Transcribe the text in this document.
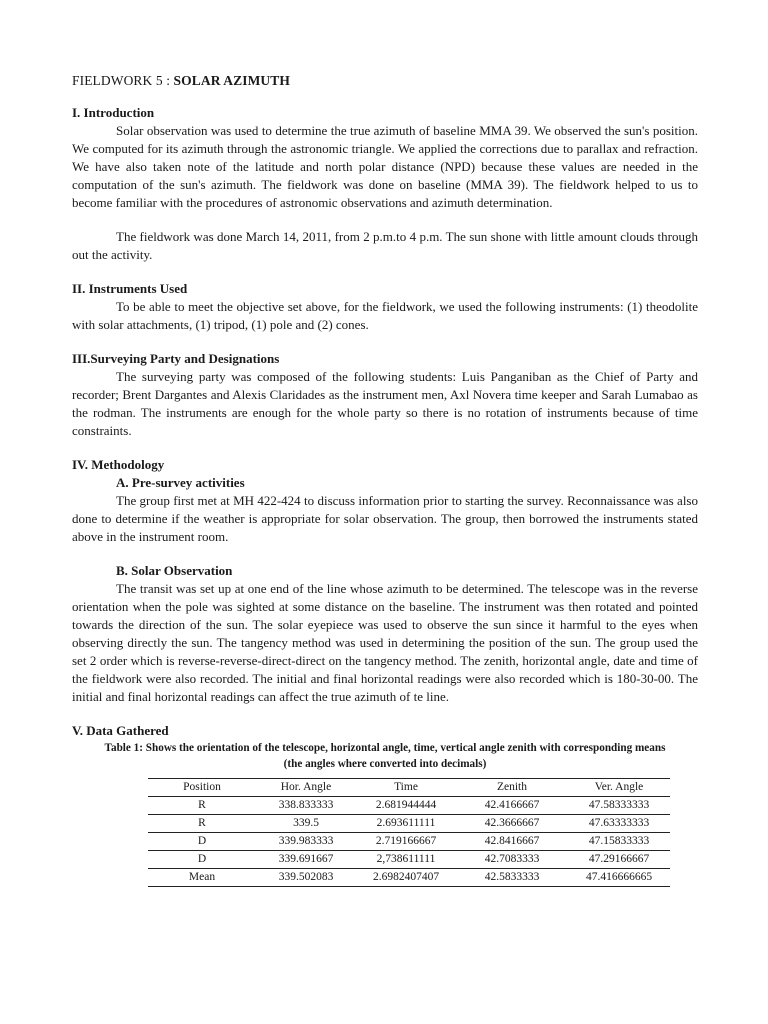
FIELDWORK 5 : SOLAR AZIMUTH
I. Introduction

Solar observation was used to determine the true azimuth of baseline MMA 39. We observed the sun's position. We computed for its azimuth through the astronomic triangle. We applied the corrections due to parallax and refraction. We have also taken note of the latitude and north polar distance (NPD) because these values are needed in the computation of the sun's azimuth. The fieldwork was done on baseline (MMA 39). The fieldwork helped to us to become familiar with the procedures of astronomic observations and azimuth determination.

The fieldwork was done March 14, 2011, from 2 p.m.to 4 p.m. The sun shone with little amount clouds through out the activity.

II. Instruments Used

To be able to meet the objective set above, for the fieldwork, we used the following instruments: (1) theodolite with solar attachments, (1) tripod, (1) pole and (2) cones.

III.Surveying Party and Designations

The surveying party was composed of the following students: Luis Panganiban as the Chief of Party and recorder; Brent Dargantes and Alexis Claridades as the instrument men, Axl Novera time keeper and Sarah Lumabao as the rodman. The instruments are enough for the whole party so there is no rotation of instruments because of time constraints.

IV. Methodology
A. Pre-survey activities

The group first met at MH 422-424 to discuss information prior to starting the survey. Reconnaissance was also done to determine if the weather is appropriate for solar observation. The group, then borrowed the instruments stated above in the instrument room.

B. Solar Observation

The transit was set up at one end of the line whose azimuth to be determined. The telescope was in the reverse orientation when the pole was sighted at some distance on the baseline. The instrument was then rotated and pointed towards the direction of the sun. The solar eyepiece was used to observe the sun since it harmful to the eyes when observing directly the sun. The tangency method was used in determining the position of the sun. The group used the set 2 order which is reverse-reverse-direct-direct on the tangency method. The zenith, horizontal angle, date and time of the fieldwork were also recorded. The initial and final horizontal readings were also recorded which is 180-30-00. The initial and final horizontal readings can affect the true azimuth of te line.

V. Data Gathered
Table 1: Shows the orientation of the telescope, horizontal angle, time, vertical angle zenith with corresponding means
(the angles where converted into decimals)
Position	Hor. Angle	Time	Zenith	Ver. Angle
R	338.833333	2.681944444	42.4166667	47.58333333
R	339.5	2.693611111	42.3666667	47.63333333
D	339.983333	2.719166667	42.8416667	47.15833333
D	339.691667	2,738611111	42.7083333	47.29166667
Mean	339.502083	2.6982407407	42.5833333	47.416666665
